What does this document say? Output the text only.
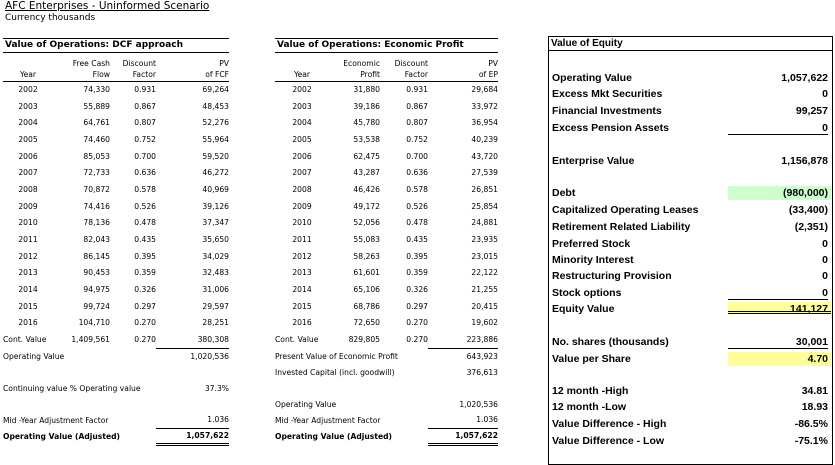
AFC Enterprises - Uninformed Scenario
Currency thousands
Value of Operations: DCF approach
	Free Cash	Discount	PV
Year	Flow	Factor	of FCF
2002	74,330	0.931	69,264
2003	55,889	0.867	48,453
2004	64,761	0.807	52,276
2005	74,460	0.752	55,964
2006	85,053	0.700	59,520
2007	72,733	0.636	46,272
2008	70,872	0.578	40,969
2009	74,416	0.526	39,126
2010	78,136	0.478	37,347
2011	82,043	0.435	35,650
2012	86,145	0.395	34,029
2013	90,453	0.359	32,483
2014	94,975	0.326	31,006
2015	99,724	0.297	29,597
2016	104,710	0.270	28,251
Cont. Value	1,409,561	0.270	380,308
Operating Value			1,020,536

Continuing value % Operating value			37.3%

Mid -Year Adjustment Factor			1.036
Operating Value (Adjusted)			1,057,622
Value of Operations: Economic Profit
	Economic	Discount	PV
Year	Profit	Factor	of EP
2002	31,880	0.931	29,684
2003	39,186	0.867	33,972
2004	45,780	0.807	36,954
2005	53,538	0.752	40,239
2006	62,475	0.700	43,720
2007	43,287	0.636	27,539
2008	46,426	0.578	26,851
2009	49,172	0.526	25,854
2010	52,056	0.478	24,881
2011	55,083	0.435	23,935
2012	58,263	0.395	23,015
2013	61,601	0.359	22,122
2014	65,106	0.326	21,255
2015	68,786	0.297	20,415
2016	72,650	0.270	19,602
Cont. Value	829,805	0.270	223,886
Present Value of Economic Profit			643,923
Invested Capital (incl. goodwill)			376,613

Operating Value			1,020,536
Mid -Year Adjustment Factor			1.036
Operating Value (Adjusted)			1,057,622
Value of Equity
Operating Value	1,057,622
Excess Mkt Securities	0
Financial Investments	99,257
Excess Pension Assets	0
Enterprise Value	1,156,878
Debt	(980,000)
Capitalized Operating Leases	(33,400)
Retirement Related Liability	(2,351)
Preferred Stock	0
Minority Interest	0
Restructuring Provision	0
Stock options	0
Equity Value	141,127
No. shares (thousands)	30,001
Value per Share	4.70
12 month -High	34.81
12 month -Low	18.93
Value Difference - High	-86.5%
Value Difference - Low	-75.1%
